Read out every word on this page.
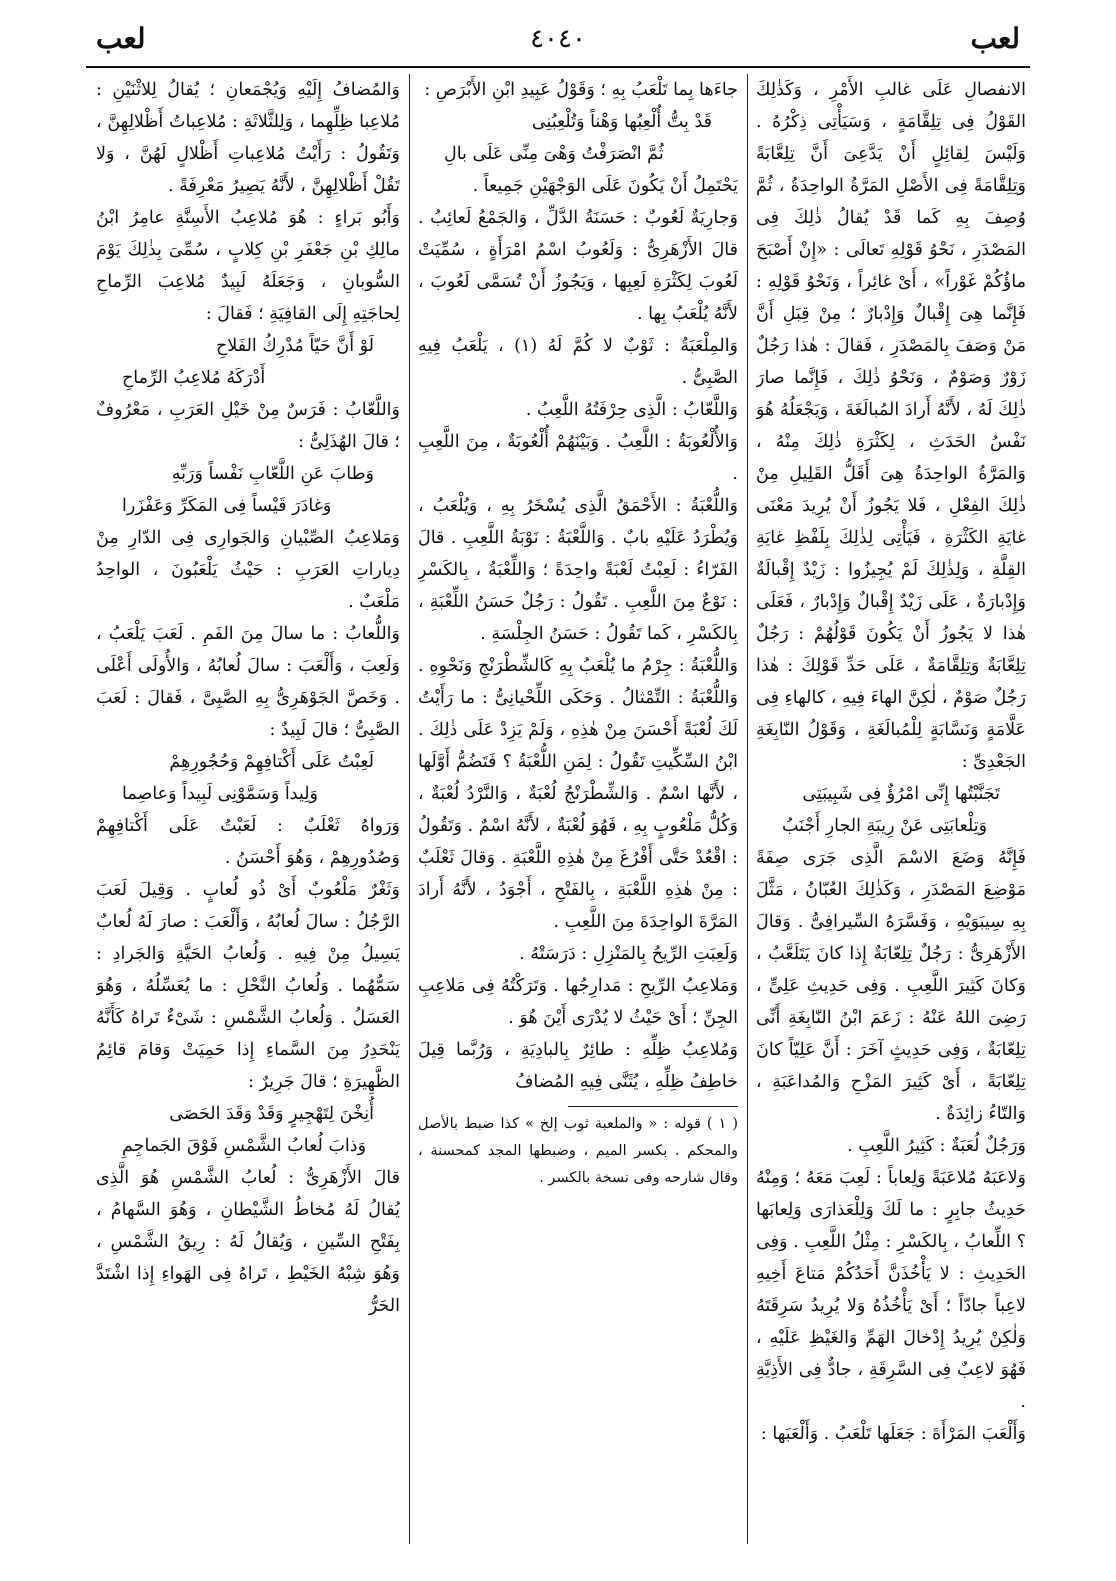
لعب
٤٠٤٠
لعب

الانفصالِ عَلَى غالبِ الأَمْرِ ، وَكَذٰلِكَ القَوْلُ فِى تِلِقَّامَةٍ ، وَسَيَأْتِى ذِكْرُهُ . وَلَيْسَ لِقائِلٍ أَنْ يَدَّعِىَ أَنَّ تِلِعَّابَةً وَتِلِقَّامَةً فِى الأَصْلِ المَرَّةُ الواحِدَةُ ، ثُمَّ وُصِفَ بِهِ كَما قَدْ يُقالُ ذٰلِكَ فِى المَصْدَرِ ، نَحْوُ قَوْلِهِ تَعالَى : «إِنْ أَصْبَحَ ماؤُكُمْ غَوْراً» ، أَىْ غائِراً ، وَنَحْوُ قَوْلِهِ : فَإِنَّما هِىَ إِقْبالٌ وَإِدْبارٌ ؛ مِنْ قِبَلِ أَنَّ مَنْ وَصَفَ بِالمَصْدَرِ ، فَقالَ : هٰذا رَجُلٌ زَوْرٌ وَصَوْمٌ ، وَنَحْوُ ذٰلِكَ ، فَإِنَّما صارَ ذٰلِكَ لَهُ ، لأَنَّهُ أَرادَ المُبالَغَةَ ، وَيَجْعَلُهُ هُوَ نَفْسُ الحَدَثِ ، لِكَثْرَةِ ذٰلِكَ مِنْهُ ، وَالمَرَّةُ الواحِدَةُ هِىَ أَقَلُّ القَلِيلِ مِنْ ذٰلِكَ الفِعْلِ ، فَلا يَجُوزُ أَنْ يُرِيدَ مَعْنَى غايَةِ الكَثْرَةِ ، فَيَأْتِى لِذٰلِكَ بِلَفْظِ غايَةِ القِلَّةِ ، وَلِذٰلِكَ لَمْ يُجِيزُوا : زَيْدٌ إِقْبالَةٌ وَإِدْبارَةٌ ، عَلَى زَيْدٌ إِقْبالٌ وَإِدْبارٌ ، فَعَلَى هٰذا لا يَجُوزُ أَنْ يَكُونَ قَوْلُهُمْ : رَجُلٌ تِلِعَّابَةٌ وَتِلِقَّامَةٌ ، عَلَى حَدِّ قَوْلِكَ : هٰذا رَجُلٌ صَوْمٌ ، لٰكِنَّ الهاءَ فِيهِ ، كالهاءِ فِى عَلَّامَةٍ وَنَسَّابَةٍ لِلْمُبالَغَةِ ، وَقَوْلُ النّابِغَةِ الجَعْدِىِّ :

تَجَنَّبْتُها إِنِّى امْرُؤٌ فِى شَبِيبَتِى

وَتِلْعابَتِى عَنْ رِيبَةِ الجارِ أَجْنَبُ

فَإِنَّهُ وَضَعَ الاسْمَ الَّذِى جَرَى صِفَةً مَوْضِعَ المَصْدَرِ ، وَكَذٰلِكَ العُبّانُ ، مَثَّلَ بِهِ سِيبَوَيْهِ ، وَفَسَّرَهُ السِّيرافِىُّ . وَقالَ الأَزْهَرِىُّ : رَجُلٌ تِلِعّابَةٌ إِذا كانَ يَتَلَعَّبُ ، وَكانَ كَثِيرَ اللَّعِبِ . وَفِى حَدِيثِ عَلِىٍّ ، رَضِىَ اللهُ عَنْهُ : زَعَمَ ابْنُ النّابِغَةِ أَنِّى تِلِعّابَةٌ ، وَفِى حَدِيثٍ آخَرَ : أَنَّ عَلِيّاً كانَ تِلِعّابَةً ، أَىْ كَثِيرَ المَزْحِ وَالمُداعَبَةِ ، وَالتّاءُ زائِدَةٌ .

وَرَجُلٌ لُعَبَةٌ : كَثِيرُ اللَّعِبِ .

وَلاعَبَهُ مُلاعَبَةً وَلِعاباً : لَعِبَ مَعَهُ ؛ وَمِنْهُ حَدِيثُ جابِرٍ : ما لَكَ وَلِلْعَذارَى وَلِعابَها ؟ اللِّعابُ ، بِالكَسْرِ : مِثْلُ اللَّعِبِ . وَفِى الحَدِيثِ : لا يَأْخُذَنَّ أَحَدُكُمْ مَتاعَ أَخِيهِ لاعِباً جادّاً ؛ أَىْ يَأْخُذُهُ وَلا يُرِيدُ سَرِقَتَهُ وَلٰكِنْ يُرِيدُ إِدْخالَ الهَمِّ وَالغَيْظِ عَلَيْهِ ، فَهُوَ لاعِبٌ فِى السَّرِقَةِ ، جادٌّ فِى الأَذِيَّةِ .

وَأَلْعَبَ المَرْأَةَ : جَعَلَها تَلْعَبُ . وَأَلْعَبَها :

جاءَها بِما تَلْعَبُ بِهِ ؛ وَقَوْلُ عَبِيدِ ابْنِ الأَبْرَصِ :

قَدْ بِتُّ أُلْعِبُها وَهْناً وَتُلْعِبُنِى

ثُمَّ انْصَرَفْتُ وَهْىَ مِنِّى عَلَى بالِ

يَحْتَمِلُ أَنْ يَكُونَ عَلَى الوَجْهَيْنِ جَمِيعاً .

وَجارِيَةٌ لَعُوبٌ : حَسَنَةُ الدَّلِّ ، وَالجَمْعُ لَعائِبُ . قالَ الأَزْهَرِىُّ : وَلَعُوبُ اسْمُ امْرَأَةٍ ، سُمِّيَتْ لَعُوبَ لِكَثْرَةِ لَعِبِها ، وَيَجُوزُ أَنْ تُسَمَّى لَعُوبَ ، لأَنَّهُ يُلْعَبُ بِها .

وَالمِلْعَبَةُ : ثَوْبٌ لا كُمَّ لَهُ (١) ، يَلْعَبُ فِيهِ الصَّبِىُّ .

وَاللَّعّابُ : الَّذِى حِرْفَتُهُ اللَّعِبُ .

وَالأُلْعُوبَةُ : اللَّعِبُ . وَبَيْنَهُمْ أُلْعُوبَةٌ ، مِنَ اللَّعِبِ .

وَاللُّعْبَةُ : الأَحْمَقُ الَّذِى يُسْخَرُ بِهِ ، وَيُلْعَبُ ، وَيُطْرَدُ عَلَيْهِ بابٌ . وَاللَّعْبَةُ : نَوْبَةُ اللَّعِبِ . قالَ الفَرّاءُ : لَعِبْتُ لَعْبَةً واحِدَةً ؛ وَاللِّعْبَةُ ، بِالكَسْرِ : نَوْعٌ مِنَ اللَّعِبِ . تَقُولُ : رَجُلٌ حَسَنُ اللِّعْبَةِ ، بِالكَسْرِ ، كَما تَقُولُ : حَسَنُ الجِلْسَةِ .

وَاللُّعْبَةُ : جِرْمُ ما يُلْعَبُ بِهِ كَالشِّطْرَنْجِ وَنَحْوِهِ . وَاللُّعْبَةُ : التِّمْثالُ . وَحَكَى اللِّحْيانِىُّ : ما رَأَيْتُ لَكَ لُعْبَةً أَحْسَنَ مِنْ هٰذِهِ ، وَلَمْ يَزِدْ عَلَى ذٰلِكَ . ابْنُ السِّكِّيتِ تَقُولُ : لِمَنِ اللُّعْبَةُ ؟ فَتَضُمُّ أَوَّلَها ، لأَنَّها اسْمٌ . وَالشِّطْرَنْجُ لُعْبَةٌ ، وَالنَّرْدُ لُعْبَةٌ ، وَكُلُّ مَلْعُوبٍ بِهِ ، فَهُوَ لُعْبَةٌ ، لأَنَّهُ اسْمٌ . وَتَقُولُ : اقْعُدْ حَتَّى أَفْرُغَ مِنْ هٰذِهِ اللَّعْبَةِ . وَقالَ ثَعْلَبٌ : مِنْ هٰذِهِ اللَّعْبَةِ ، بِالفَتْحِ ، أَجْوَدُ ، لأَنَّهُ أَرادَ المَرَّةَ الواحِدَةَ مِنَ اللَّعِبِ .

وَلَعِبَتِ الرِّيحُ بِالمَنْزِلِ : دَرَسَتْهُ .

وَمَلاعِبُ الرِّيحِ : مَدارِجُها . وَتَرَكْتُهُ فِى مَلاعِبِ الجِنِّ ؛ أَىْ حَيْثُ لا يُدْرَى أَيْنَ هُوَ .

وَمُلاعِبُ ظِلِّهِ : طائِرٌ بِالبادِيَةِ ، وَرُبَّما قِيلَ خاطِفُ ظِلِّهِ ، يُثَنَّى فِيهِ المُضافُ

( ١ ) قوله : « والملعبة ثوب إلخ » كذا ضبط بالأصل والمحكم . بكسر الميم ، وضبطها المجد كمحسنة ، وقال شارحه وفى نسخة بالكسر .

وَالمُضافُ إِلَيْهِ وَيُجْمَعانِ ؛ يُقالُ لِلاثْنَيْنِ : مُلاعِبا ظِلِّهِما ، وَلِلثَّلاثَةِ : مُلاعِباتُ أَظْلالِهِنَّ ، وَتَقُولُ : رَأَيْتُ مُلاعِباتِ أَظْلالٍ لَهُنَّ ، وَلا تَقُلْ أَظْلالِهِنَّ ، لأَنَّهُ يَصِيرُ مَعْرِفَةً .

وَأَبُو بَراءٍ : هُوَ مُلاعِبُ الأَسِنَّةِ عامِرُ ابْنُ مالِكِ بْنِ جَعْفَرِ بْنِ كِلابٍ ، سُمِّىَ بِذٰلِكَ يَوْمَ السُّوبانِ ، وَجَعَلَهُ لَبِيدٌ مُلاعِبَ الرِّماحِ لِحاجَتِهِ إِلَى القافِيَةِ ؛ فَقالَ :

لَوْ أَنَّ حَيّاً مُدْرِكُ الفَلاحِ

أَدْرَكَهُ مُلاعِبُ الرِّماحِ

وَاللَّعّابُ : فَرَسٌ مِنْ خَيْلِ العَرَبِ ، مَعْرُوفٌ ؛ قالَ الهُذَلِىُّ :

وَطابَ عَنِ اللَّعّابِ نَفْساً وَرَبِّهِ

وَغادَرَ قَيْساً فِى المَكَرِّ وَعَفْزَرا

وَمَلاعِبُ الصِّبْيانِ وَالجَوارِى فِى الدّارِ مِنْ دِياراتِ العَرَبِ : حَيْثُ يَلْعَبُونَ ، الواحِدُ مَلْعَبٌ .

وَاللُّعابُ : ما سالَ مِنَ الفَمِ . لَعَبَ يَلْعَبُ ، وَلَعِبَ ، وَأَلْعَبَ : سالَ لُعابُهُ ، وَالأُولَى أَعْلَى . وَخَصَّ الجَوْهَرِىُّ بِهِ الصَّبِىَّ ، فَقالَ : لَعَبَ الصَّبِىُّ ؛ قالَ لَبِيدٌ :

لَعِبْتُ عَلَى أَكْتافِهِمْ وَحُجُورِهِمْ

وَلِيداً وَسَمَّوْنِى لَبِيداً وَعاصِما

وَرَواهُ ثَعْلَبٌ : لَعَبْتُ عَلَى أَكْتافِهِمْ وَصُدُورِهِمْ ، وَهُوَ أَحْسَنُ .

وَثَغْرٌ مَلْعُوبٌ أَىْ ذُو لُعابٍ . وَقِيلَ لَعَبَ الرَّجُلُ : سالَ لُعابُهُ ، وَأَلْعَبَ : صارَ لَهُ لُعابٌ يَسِيلُ مِنْ فِيهِ . وَلُعابُ الحَيَّةِ وَالجَرادِ : سَمُّهُما . وَلُعابُ النَّحْلِ : ما يُعَسِّلُهُ ، وَهُوَ العَسَلُ . وَلُعابُ الشَّمْسِ : شَىْءٌ تَراهُ كَأَنَّهُ يَنْحَدِرُ مِنَ السَّماءِ إِذا حَمِيَتْ وَقامَ قائِمُ الظَّهِيرَةِ ؛ قالَ جَرِيرٌ :

أُنِخْنَ لِتَهْجِيرٍ وَقَدْ وَقَدَ الحَصَى

وَذابَ لُعابُ الشَّمْسِ فَوْقَ الجَماجِمِ

قالَ الأَزْهَرِىُّ : لُعابُ الشَّمْسِ هُوَ الَّذِى يُقالُ لَهُ مُخاطُ الشَّيْطانِ ، وَهُوَ السَّهامُ ، بِفَتْحِ السِّينِ ، وَيُقالُ لَهُ : رِيقُ الشَّمْسِ ، وَهُوَ شِبْهُ الخَيْطِ ، تَراهُ فِى الهَواءِ إِذا اشْتَدَّ الحَرُّ
